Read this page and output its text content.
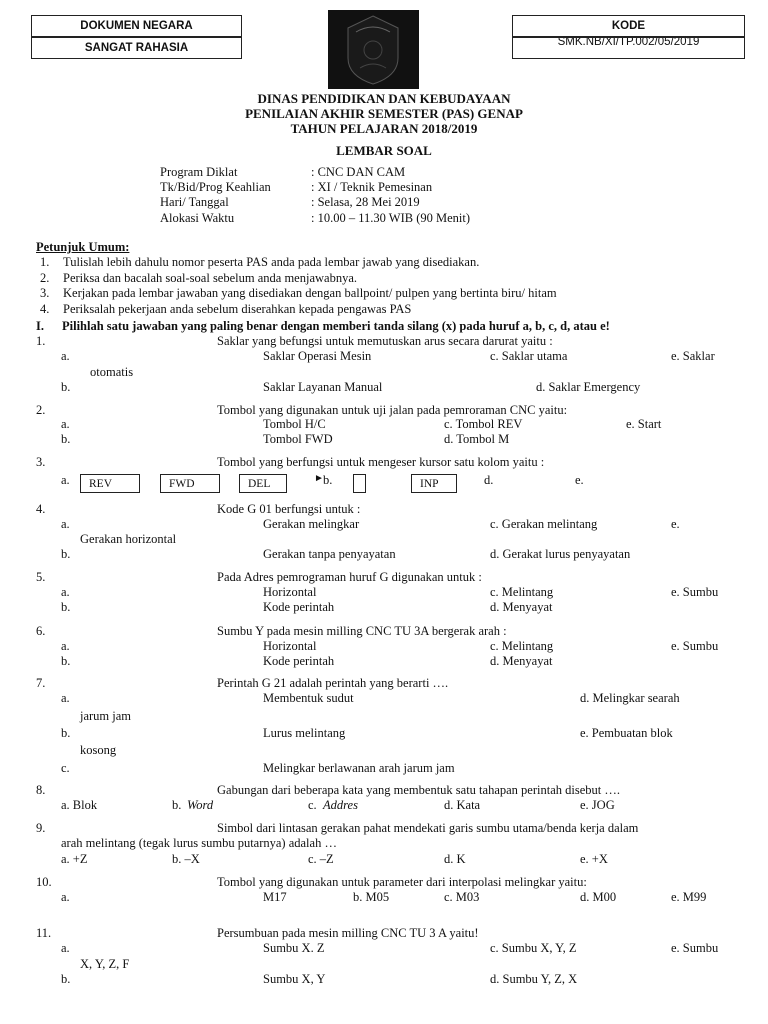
DOKUMEN NEGARA
SANGAT RAHASIA
KODE
SMK.NB/XI/TP.002/05/2019
DINAS PENDIDIKAN DAN KEBUDAYAAN
PENILAIAN AKHIR SEMESTER (PAS) GENAP
TAHUN PELAJARAN 2018/2019
LEMBAR SOAL
Program Diklat	: CNC DAN CAM
Tk/Bid/Prog Keahlian	: XI / Teknik Pemesinan
Hari/ Tanggal	: Selasa, 28 Mei 2019
Alokasi Waktu	: 10.00 – 11.30 WIB (90 Menit)
Petunjuk Umum:
1. Tulislah lebih dahulu nomor peserta PAS anda pada lembar jawab yang disediakan.
2. Periksa dan bacalah soal-soal sebelum anda menjawabnya.
3. Kerjakan pada lembar jawaban yang disediakan dengan ballpoint/ pulpen yang bertinta biru/ hitam
4. Periksalah pekerjaan anda sebelum diserahkan kepada pengawas PAS
I. Pilihlah satu jawaban yang paling benar dengan memberi tanda silang (x) pada huruf a, b, c, d, atau e!
1.	Saklar yang befungsi untuk memutuskan arus secara darurat yaitu :
a.	Saklar Operasi Mesin	c. Saklar utama	e. Saklar
otomatis
b.	Saklar Layanan Manual	d. Saklar Emergency
2.	Tombol yang digunakan untuk uji jalan pada pemroraman CNC yaitu:
a.	Tombol H/C	c. Tombol REV	e. Start
b.	Tombol FWD	d. Tombol M
3.	Tombol yang berfungsi untuk mengeser kursor satu kolom yaitu :
a.	REV	FWD	DEL	► b.	INP	d.	e.
4.	Kode G 01 berfungsi untuk :
a.	Gerakan melingkar	c. Gerakan melintang	e.
Gerakan horizontal
b.	Gerakan tanpa penyayatan	d. Gerakat lurus penyayatan
5.	Pada Adres pemrograman huruf G digunakan untuk :
a.	Horizontal	c. Melintang	e. Sumbu
b.	Kode perintah	d. Menyayat
6.	Sumbu Y pada mesin milling CNC TU 3A bergerak arah :
a.	Horizontal	c. Melintang	e. Sumbu
b.	Kode perintah	d. Menyayat
7.	Perintah G 21 adalah perintah yang berarti ….
a.	Membentuk sudut	d. Melingkar searah
jarum jam
b.	Lurus melintang	e. Pembuatan blok
kosong
c.	Melingkar berlawanan arah jarum jam
8.	Gabungan dari beberapa kata yang membentuk satu tahapan perintah disebut ….
a. Blok	b. Word	c. Addres	d. Kata	e. JOG
9.	Simbol dari lintasan gerakan pahat mendekati garis sumbu utama/benda kerja dalam
arah melintang (tegak lurus sumbu putarnya) adalah …
a. +Z	b. –X	c. –Z	d. K	e. +X
10.	Tombol yang digunakan untuk parameter dari interpolasi melingkar yaitu:
a.	M17	b. M05	c. M03	d. M00	e. M99
11.	Persumbuan pada mesin milling CNC TU 3 A yaitu!
a.	Sumbu X. Z	c. Sumbu X, Y, Z	e. Sumbu
X, Y, Z, F
b.	Sumbu X, Y	d. Sumbu Y, Z, X
